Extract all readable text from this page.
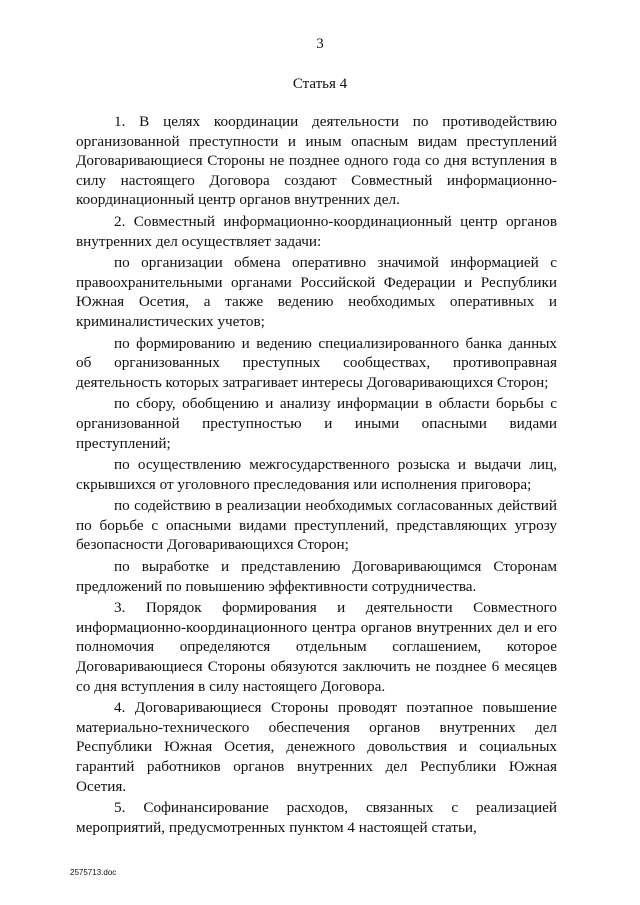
3
Статья 4

1. В целях координации деятельности по противодействию организованной преступности и иным опасным видам преступлений Договаривающиеся Стороны не позднее одного года со дня вступления в силу настоящего Договора создают Совместный информационно-координационный центр органов внутренних дел.

2. Совместный информационно-координационный центр органов внутренних дел осуществляет задачи:

по организации обмена оперативно значимой информацией с правоохранительными органами Российской Федерации и Республики Южная Осетия, а также ведению необходимых оперативных и криминалистических учетов;

по формированию и ведению специализированного банка данных об организованных преступных сообществах, противоправная деятельность которых затрагивает интересы Договаривающихся Сторон;

по сбору, обобщению и анализу информации в области борьбы с организованной преступностью и иными опасными видами преступлений;

по осуществлению межгосударственного розыска и выдачи лиц, скрывшихся от уголовного преследования или исполнения приговора;

по содействию в реализации необходимых согласованных действий по борьбе с опасными видами преступлений, представляющих угрозу безопасности Договаривающихся Сторон;

по выработке и представлению Договаривающимся Сторонам предложений по повышению эффективности сотрудничества.

3. Порядок формирования и деятельности Совместного информационно-координационного центра органов внутренних дел и его полномочия определяются отдельным соглашением, которое Договаривающиеся Стороны обязуются заключить не позднее 6 месяцев со дня вступления в силу настоящего Договора.

4. Договаривающиеся Стороны проводят поэтапное повышение материально-технического обеспечения органов внутренних дел Республики Южная Осетия, денежного довольствия и социальных гарантий работников органов внутренних дел Республики Южная Осетия.

5. Софинансирование расходов, связанных с реализацией мероприятий, предусмотренных пунктом 4 настоящей статьи,

2575713.doc
